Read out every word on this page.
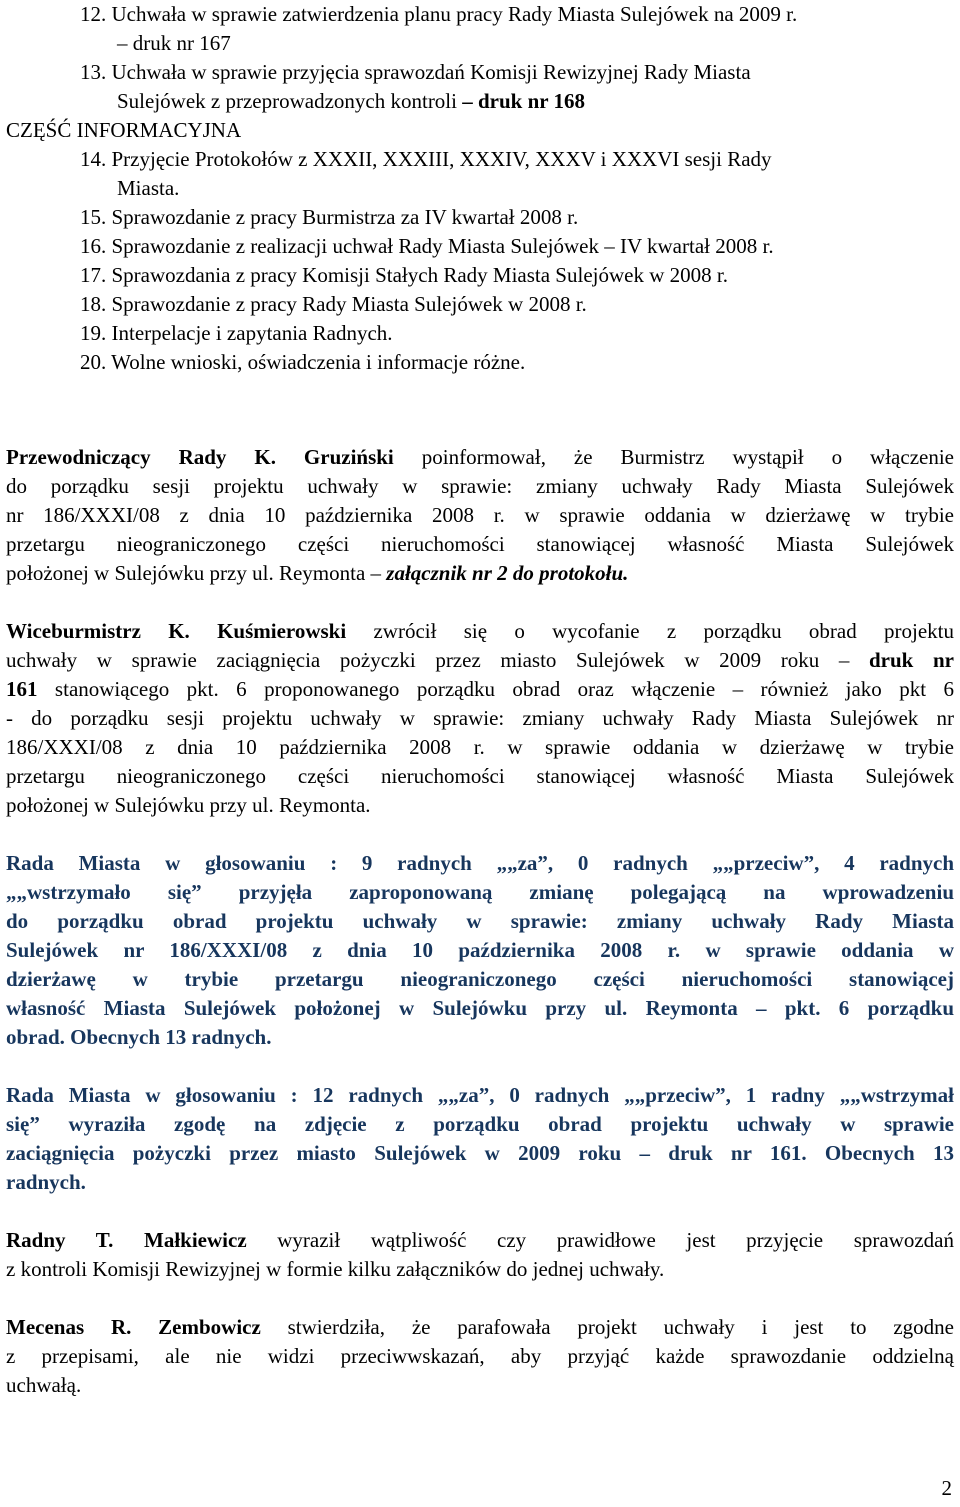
12. Uchwała w sprawie zatwierdzenia planu pracy Rady Miasta Sulejówek na 2009 r.
– druk nr 167
13. Uchwała w sprawie przyjęcia sprawozdań Komisji Rewizyjnej Rady Miasta
Sulejówek z przeprowadzonych kontroli – druk nr 168
CZĘŚĆ INFORMACYJNA
14. Przyjęcie Protokołów z XXXII, XXXIII, XXXIV, XXXV i XXXVI sesji Rady
Miasta.
15. Sprawozdanie z pracy Burmistrza za IV kwartał 2008 r.
16. Sprawozdanie z realizacji uchwał Rady Miasta Sulejówek – IV kwartał 2008 r.
17. Sprawozdania z pracy Komisji Stałych Rady Miasta Sulejówek w 2008 r.
18. Sprawozdanie z pracy Rady Miasta Sulejówek w 2008 r.
19. Interpelacje i zapytania Radnych.
20. Wolne wnioski, oświadczenia i informacje różne.
Przewodniczący Rady K. Gruziński poinformował, że Burmistrz wystąpił o włączenie
do porządku sesji projektu uchwały w sprawie: zmiany uchwały Rady Miasta Sulejówek
nr 186/XXXI/08 z dnia 10 października 2008 r. w sprawie oddania w dzierżawę w trybie
przetargu nieograniczonego części nieruchomości stanowiącej własność Miasta Sulejówek
położonej w Sulejówku przy ul. Reymonta – załącznik nr 2 do protokołu.
Wiceburmistrz K. Kuśmierowski zwrócił się o wycofanie z porządku obrad projektu
uchwały w sprawie zaciągnięcia pożyczki przez miasto Sulejówek w 2009 roku – druk nr
161 stanowiącego pkt. 6 proponowanego porządku obrad oraz włączenie – również jako pkt 6
- do porządku sesji projektu uchwały w sprawie: zmiany uchwały Rady Miasta Sulejówek nr
186/XXXI/08 z dnia 10 października 2008 r. w sprawie oddania w dzierżawę w trybie
przetargu nieograniczonego części nieruchomości stanowiącej własność Miasta Sulejówek
położonej w Sulejówku przy ul. Reymonta.
Rada Miasta w głosowaniu : 9 radnych „„za”, 0 radnych „„przeciw”, 4 radnych
„„wstrzymało się” przyjęła zaproponowaną zmianę polegającą na wprowadzeniu
do porządku obrad projektu uchwały w sprawie: zmiany uchwały Rady Miasta
Sulejówek nr 186/XXXI/08 z dnia 10 października 2008 r. w sprawie oddania w
dzierżawę w trybie przetargu nieograniczonego części nieruchomości stanowiącej
własność Miasta Sulejówek położonej w Sulejówku przy ul. Reymonta – pkt. 6 porządku
obrad. Obecnych 13 radnych.
Rada Miasta w głosowaniu : 12 radnych „„za”, 0 radnych „„przeciw”, 1 radny „„wstrzymał
się” wyraziła zgodę na zdjęcie z porządku obrad projektu uchwały w sprawie
zaciągnięcia pożyczki przez miasto Sulejówek w 2009 roku – druk nr 161. Obecnych 13
radnych.
Radny T. Małkiewicz wyraził wątpliwość czy prawidłowe jest przyjęcie sprawozdań
z kontroli Komisji Rewizyjnej w formie kilku załączników do jednej uchwały.
Mecenas R. Zembowicz stwierdziła, że parafowała projekt uchwały i jest to zgodne
z przepisami, ale nie widzi przeciwwskazań, aby przyjąć każde sprawozdanie oddzielną
uchwałą.
2
